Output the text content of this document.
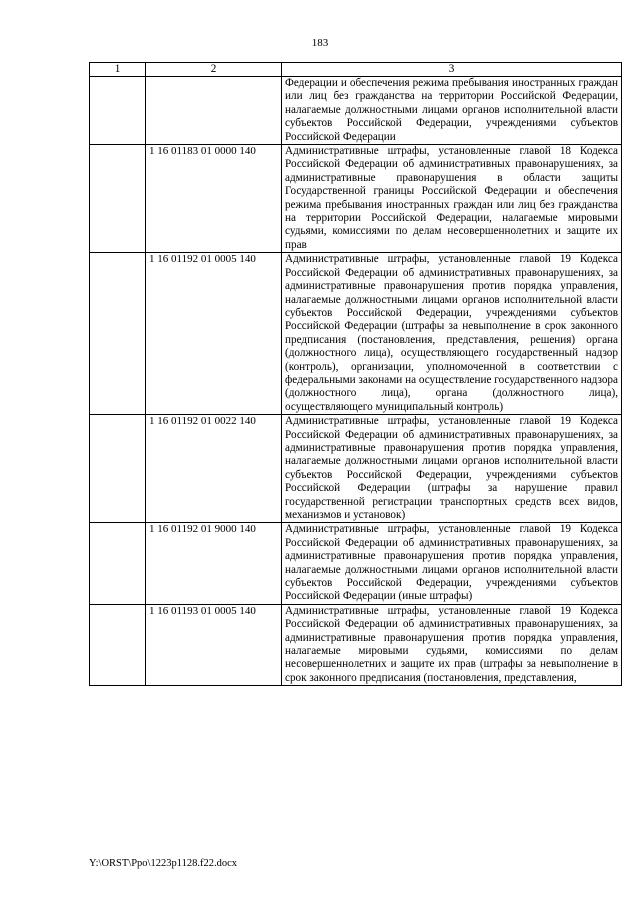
183
1	2	3
		Федерации и обеспечения режима пребывания иностранных граждан или лиц без гражданства на территории Российской Федерации, налагаемые должностными лицами органов исполнительной власти субъектов Российской Федерации, учреждениями субъектов Российской Федерации
	1 16 01183 01 0000 140	Административные штрафы, установленные главой 18 Кодекса Российской Федерации об административных правонарушениях, за административные правонарушения в области защиты Государственной границы Российской Федерации и обеспечения режима пребывания иностранных граждан или лиц без гражданства на территории Российской Федерации, налагаемые мировыми судьями, комиссиями по делам несовершеннолетних и защите их прав
	1 16 01192 01 0005 140	Административные штрафы, установленные главой 19 Кодекса Российской Федерации об административных правонарушениях, за административные правонарушения против порядка управления, налагаемые должностными лицами органов исполнительной власти субъектов Российской Федерации, учреждениями субъектов Российской Федерации (штрафы за невыполнение в срок законного предписания (постановления, представления, решения) органа (должностного лица), осуществляющего государственный надзор (контроль), организации, уполномоченной в соответствии с федеральными законами на осуществление государственного надзора (должностного лица), органа (должностного лица), осуществляющего муниципальный контроль)
	1 16 01192 01 0022 140	Административные штрафы, установленные главой 19 Кодекса Российской Федерации об административных правонарушениях, за административные правонарушения против порядка управления, налагаемые должностными лицами органов исполнительной власти субъектов Российской Федерации, учреждениями субъектов Российской Федерации (штрафы за нарушение правил государственной регистрации транспортных средств всех видов, механизмов и установок)
	1 16 01192 01 9000 140	Административные штрафы, установленные главой 19 Кодекса Российской Федерации об административных правонарушениях, за административные правонарушения против порядка управления, налагаемые должностными лицами органов исполнительной власти субъектов Российской Федерации, учреждениями субъектов Российской Федерации (иные штрафы)
	1 16 01193 01 0005 140	Административные штрафы, установленные главой 19 Кодекса Российской Федерации об административных правонарушениях, за административные правонарушения против порядка управления, налагаемые мировыми судьями, комиссиями по делам несовершеннолетних и защите их прав (штрафы за невыполнение в срок законного предписания (постановления, представления,
Y:\ORST\Ppo\1223p1128.f22.docx
